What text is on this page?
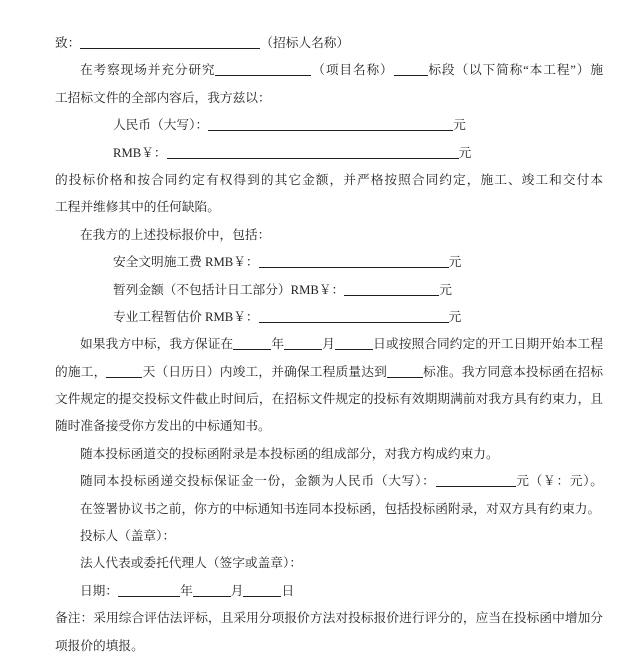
致：	（招标人名称）
在考察现场并充分研究	（项目名称）	标段（以下简称“本工程”）施
工招标文件的全部内容后，我方兹以：
人民币（大写）：	元
RMB￥：	元
的投标价格和按合同约定有权得到的其它金额，并严格按照合同约定，施工、竣工和交付本
工程并维修其中的任何缺陷。
在我方的上述投标报价中，包括：
安全文明施工费 RMB￥：	元
暂列金额（不包括计日工部分）RMB￥：	元
专业工程暂估价 RMB￥：	元
如果我方中标，我方保证在	年	月	日或按照合同约定的开工日期开始本工程
的施工，	天（日历日）内竣工，并确保工程质量达到	标准。我方同意本投标函在招标
文件规定的提交投标文件截止时间后，在招标文件规定的投标有效期期满前对我方具有约束力，且
随时准备接受你方发出的中标通知书。
随本投标函道交的投标函附录是本投标函的组成部分，对我方构成约束力。
随同本投标函递交投标保证金一份，金额为人民币（大写）：	元（￥：元）。
在签署协议书之前，你方的中标通知书连同本投标函，包括投标函附录，对双方具有约束力。
投标人（盖章）：
法人代表或委托代理人（签字或盖章）：
日期：	年	月	日
备注：采用综合评估法评标，且采用分项报价方法对投标报价进行评分的，应当在投标函中增加分
项报价的填报。
